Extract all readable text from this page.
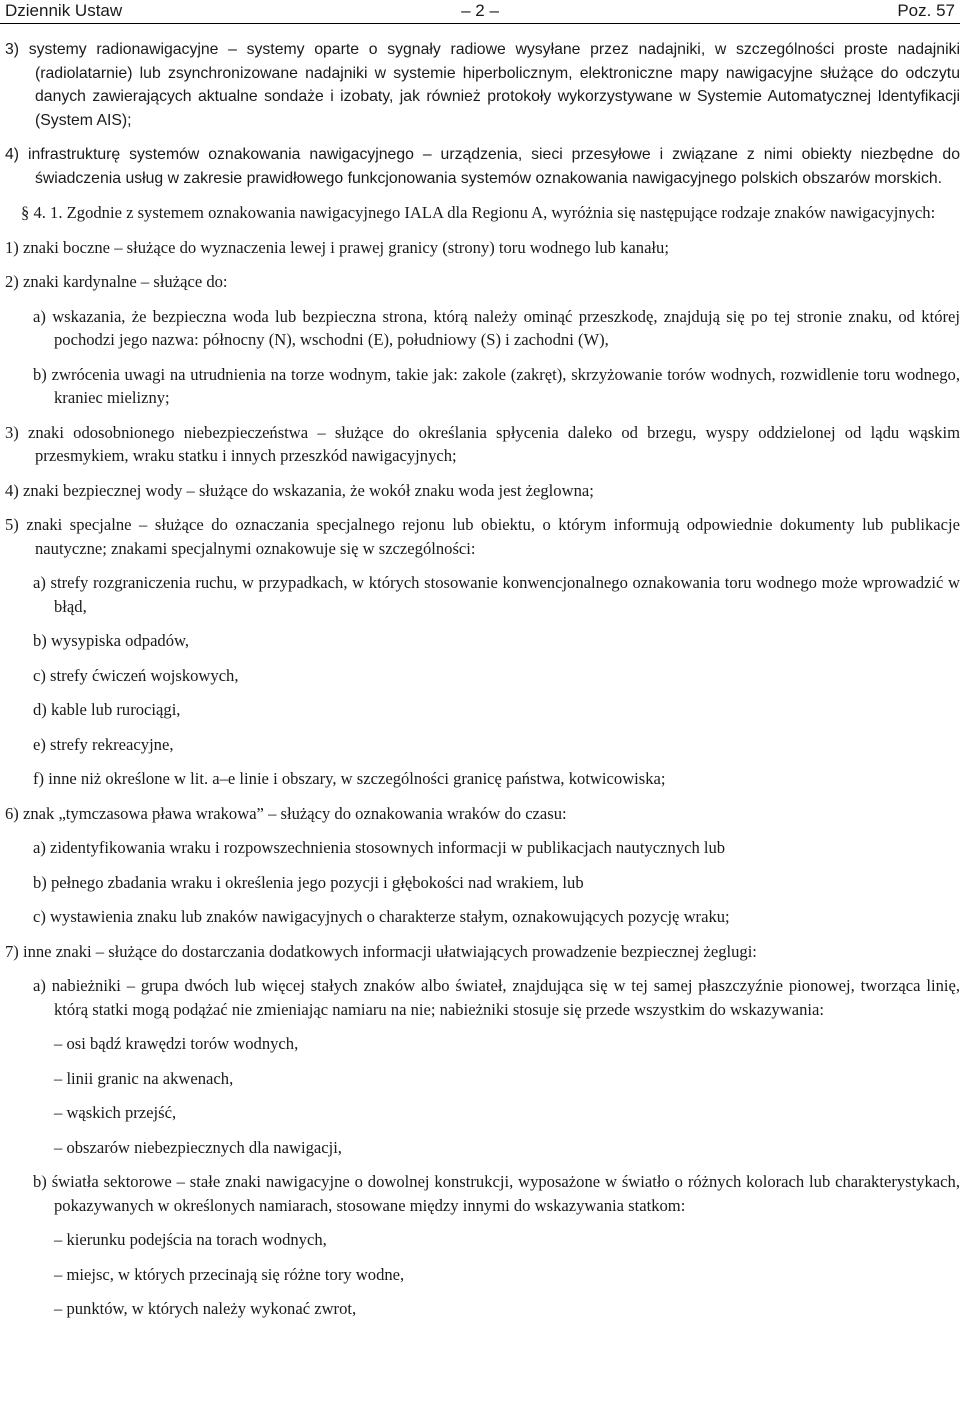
Dziennik Ustaw	– 2 –	Poz. 57

3) systemy radionawigacyjne – systemy oparte o sygnały radiowe wysyłane przez nadajniki, w szczególności proste nadajniki (radiolatarnie) lub zsynchronizowane nadajniki w systemie hiperbolicznym, elektroniczne mapy nawigacyjne służące do odczytu danych zawierających aktualne sondaże i izobaty, jak również protokoły wykorzystywane w Systemie Automatycznej Identyfikacji (System AIS);

4) infrastrukturę systemów oznakowania nawigacyjnego – urządzenia, sieci przesyłowe i związane z nimi obiekty niezbędne do świadczenia usług w zakresie prawidłowego funkcjonowania systemów oznakowania nawigacyjnego polskich obszarów morskich.

§ 4. 1. Zgodnie z systemem oznakowania nawigacyjnego IALA dla Regionu A, wyróżnia się następujące rodzaje znaków nawigacyjnych:

1) znaki boczne – służące do wyznaczenia lewej i prawej granicy (strony) toru wodnego lub kanału;

2) znaki kardynalne – służące do:

a) wskazania, że bezpieczna woda lub bezpieczna strona, którą należy ominąć przeszkodę, znajdują się po tej stronie znaku, od której pochodzi jego nazwa: północny (N), wschodni (E), południowy (S) i zachodni (W),

b) zwrócenia uwagi na utrudnienia na torze wodnym, takie jak: zakole (zakręt), skrzyżowanie torów wodnych, rozwidlenie toru wodnego, kraniec mielizny;

3) znaki odosobnionego niebezpieczeństwa – służące do określania spłycenia daleko od brzegu, wyspy oddzielonej od lądu wąskim przesmykiem, wraku statku i innych przeszkód nawigacyjnych;

4) znaki bezpiecznej wody – służące do wskazania, że wokół znaku woda jest żeglowna;

5) znaki specjalne – służące do oznaczania specjalnego rejonu lub obiektu, o którym informują odpowiednie dokumenty lub publikacje nautyczne; znakami specjalnymi oznakowuje się w szczególności:

a) strefy rozgraniczenia ruchu, w przypadkach, w których stosowanie konwencjonalnego oznakowania toru wodnego może wprowadzić w błąd,

b) wysypiska odpadów,

c) strefy ćwiczeń wojskowych,

d) kable lub rurociągi,

e) strefy rekreacyjne,

f) inne niż określone w lit. a–e linie i obszary, w szczególności granicę państwa, kotwicowiska;

6) znak „tymczasowa pława wrakowa” – służący do oznakowania wraków do czasu:

a) zidentyfikowania wraku i rozpowszechnienia stosownych informacji w publikacjach nautycznych lub

b) pełnego zbadania wraku i określenia jego pozycji i głębokości nad wrakiem, lub

c) wystawienia znaku lub znaków nawigacyjnych o charakterze stałym, oznakowujących pozycję wraku;

7) inne znaki – służące do dostarczania dodatkowych informacji ułatwiających prowadzenie bezpiecznej żeglugi:

a) nabieżniki – grupa dwóch lub więcej stałych znaków albo świateł, znajdująca się w tej samej płaszczyźnie pionowej, tworząca linię, którą statki mogą podążać nie zmieniając namiaru na nie; nabieżniki stosuje się przede wszystkim do wskazywania:

– osi bądź krawędzi torów wodnych,

– linii granic na akwenach,

– wąskich przejść,

– obszarów niebezpiecznych dla nawigacji,

b) światła sektorowe – stałe znaki nawigacyjne o dowolnej konstrukcji, wyposażone w światło o różnych kolorach lub charakterystykach, pokazywanych w określonych namiarach, stosowane między innymi do wskazywania statkom:

– kierunku podejścia na torach wodnych,

– miejsc, w których przecinają się różne tory wodne,

– punktów, w których należy wykonać zwrot,
